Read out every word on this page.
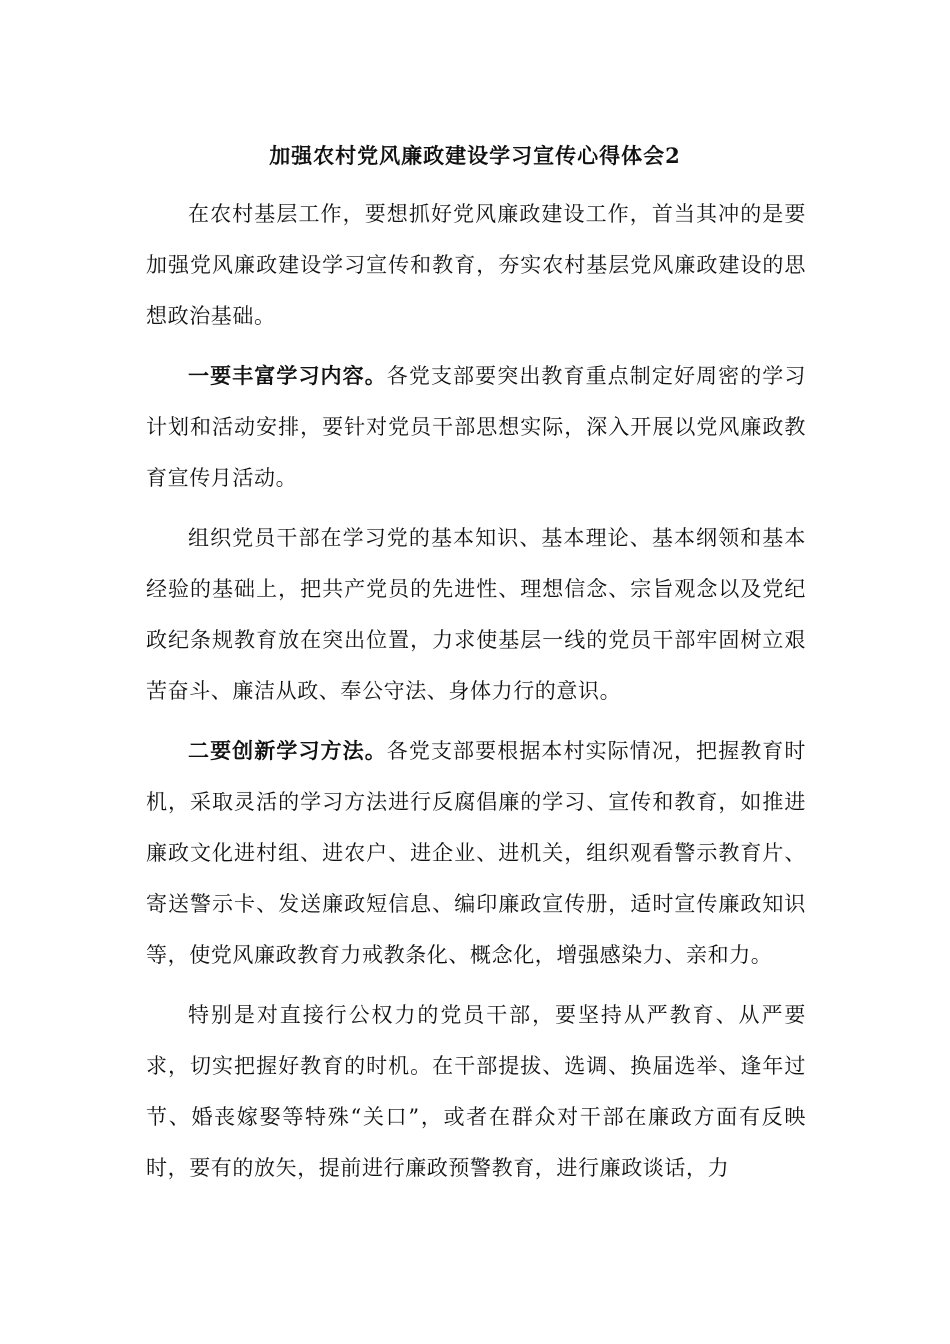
加强农村党风廉政建设学习宣传心得体会2

在农村基层工作，要想抓好党风廉政建设工作，首当其冲的是要加强党风廉政建设学习宣传和教育，夯实农村基层党风廉政建设的思想政治基础。

一要丰富学习内容。各党支部要突出教育重点制定好周密的学习计划和活动安排，要针对党员干部思想实际，深入开展以党风廉政教育宣传月活动。

组织党员干部在学习党的基本知识、基本理论、基本纲领和基本经验的基础上，把共产党员的先进性、理想信念、宗旨观念以及党纪政纪条规教育放在突出位置，力求使基层一线的党员干部牢固树立艰苦奋斗、廉洁从政、奉公守法、身体力行的意识。

二要创新学习方法。各党支部要根据本村实际情况，把握教育时机，采取灵活的学习方法进行反腐倡廉的学习、宣传和教育，如推进廉政文化进村组、进农户、进企业、进机关，组织观看警示教育片、寄送警示卡、发送廉政短信息、编印廉政宣传册，适时宣传廉政知识等，使党风廉政教育力戒教条化、概念化，增强感染力、亲和力。

特别是对直接行公权力的党员干部，要坚持从严教育、从严要求，切实把握好教育的时机。在干部提拔、选调、换届选举、逢年过节、婚丧嫁娶等特殊“关口”，或者在群众对干部在廉政方面有反映时，要有的放矢，提前进行廉政预警教育，进行廉政谈话，力
